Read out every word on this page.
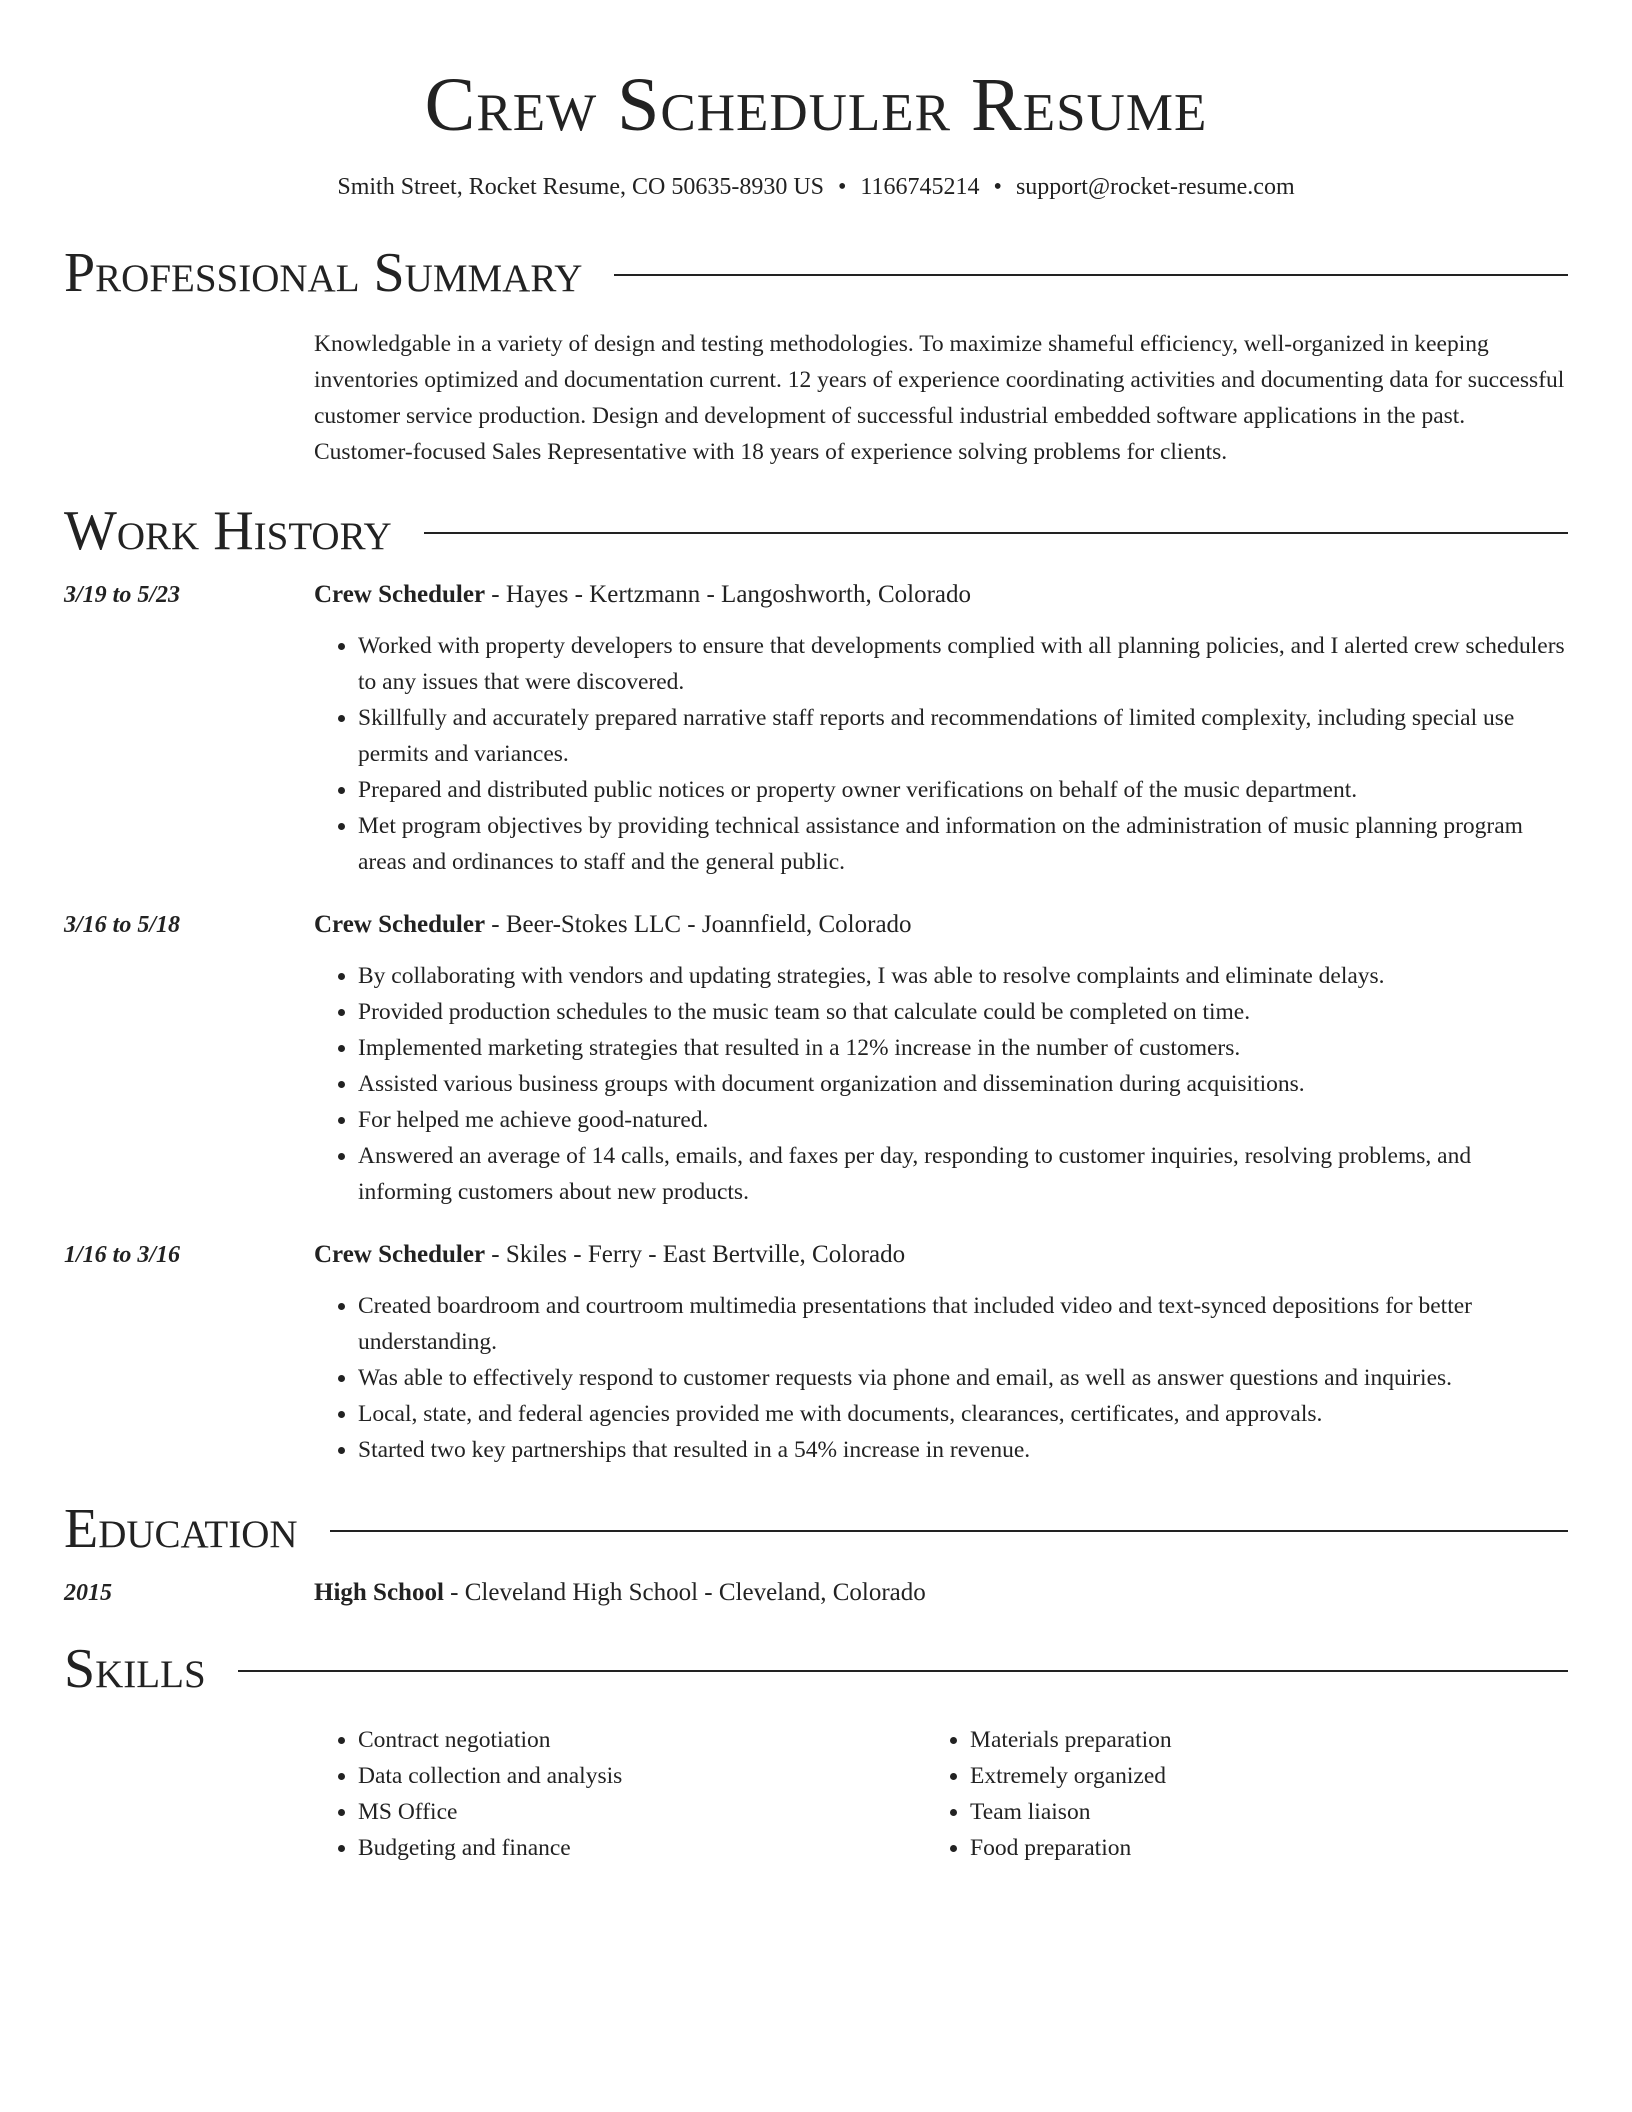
Crew Scheduler Resume
Smith Street, Rocket Resume, CO 50635-8930 US • 1166745214 • support@rocket-resume.com
Professional Summary
Knowledgable in a variety of design and testing methodologies. To maximize shameful efficiency, well-organized in keeping inventories optimized and documentation current. 12 years of experience coordinating activities and documenting data for successful customer service production. Design and development of successful industrial embedded software applications in the past. Customer-focused Sales Representative with 18 years of experience solving problems for clients.
Work History
3/19 to 5/23	Crew Scheduler - Hayes - Kertzmann - Langoshworth, Colorado
• Worked with property developers to ensure that developments complied with all planning policies, and I alerted crew schedulers to any issues that were discovered.
• Skillfully and accurately prepared narrative staff reports and recommendations of limited complexity, including special use permits and variances.
• Prepared and distributed public notices or property owner verifications on behalf of the music department.
• Met program objectives by providing technical assistance and information on the administration of music planning program areas and ordinances to staff and the general public.
3/16 to 5/18	Crew Scheduler - Beer-Stokes LLC - Joannfield, Colorado
• By collaborating with vendors and updating strategies, I was able to resolve complaints and eliminate delays.
• Provided production schedules to the music team so that calculate could be completed on time.
• Implemented marketing strategies that resulted in a 12% increase in the number of customers.
• Assisted various business groups with document organization and dissemination during acquisitions.
• For helped me achieve good-natured.
• Answered an average of 14 calls, emails, and faxes per day, responding to customer inquiries, resolving problems, and informing customers about new products.
1/16 to 3/16	Crew Scheduler - Skiles - Ferry - East Bertville, Colorado
• Created boardroom and courtroom multimedia presentations that included video and text-synced depositions for better understanding.
• Was able to effectively respond to customer requests via phone and email, as well as answer questions and inquiries.
• Local, state, and federal agencies provided me with documents, clearances, certificates, and approvals.
• Started two key partnerships that resulted in a 54% increase in revenue.
Education
2015	High School - Cleveland High School - Cleveland, Colorado
Skills
• Contract negotiation
• Data collection and analysis
• MS Office
• Budgeting and finance
• Materials preparation
• Extremely organized
• Team liaison
• Food preparation
